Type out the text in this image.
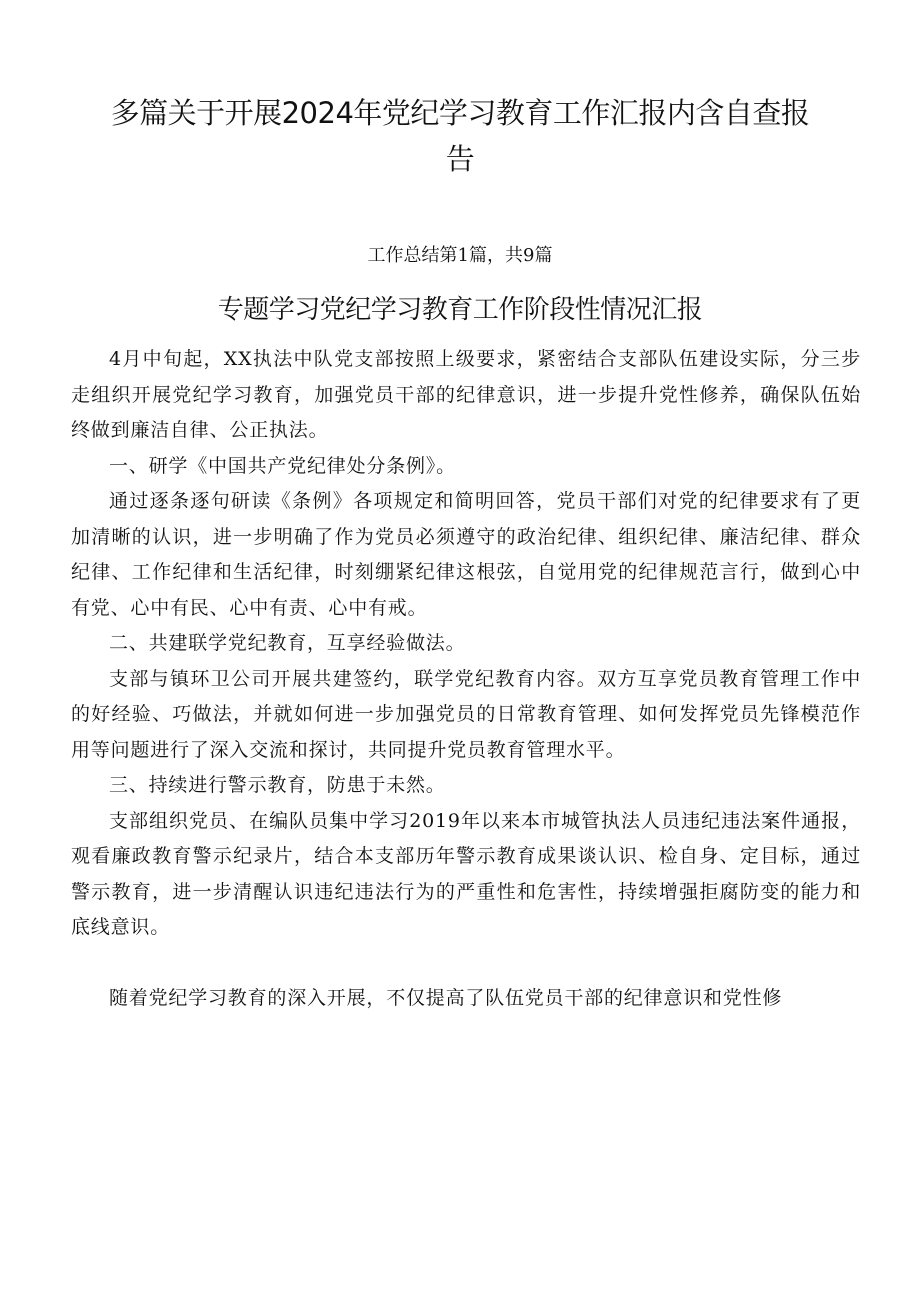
多篇关于开展2024年党纪学习教育工作汇报内含自查报告
工作总结第1篇，共9篇
专题学习党纪学习教育工作阶段性情况汇报

4月中旬起，XX执法中队党支部按照上级要求，紧密结合支部队伍建设实际，分三步走组织开展党纪学习教育，加强党员干部的纪律意识，进一步提升党性修养，确保队伍始终做到廉洁自律、公正执法。

一、研学《中国共产党纪律处分条例》。

通过逐条逐句研读《条例》各项规定和简明回答，党员干部们对党的纪律要求有了更加清晰的认识，进一步明确了作为党员必须遵守的政治纪律、组织纪律、廉洁纪律、群众纪律、工作纪律和生活纪律，时刻绷紧纪律这根弦，自觉用党的纪律规范言行，做到心中有党、心中有民、心中有责、心中有戒。

二、共建联学党纪教育，互享经验做法。

支部与镇环卫公司开展共建签约，联学党纪教育内容。双方互享党员教育管理工作中的好经验、巧做法，并就如何进一步加强党员的日常教育管理、如何发挥党员先锋模范作用等问题进行了深入交流和探讨，共同提升党员教育管理水平。

三、持续进行警示教育，防患于未然。

支部组织党员、在编队员集中学习2019年以来本市城管执法人员违纪违法案件通报，观看廉政教育警示纪录片，结合本支部历年警示教育成果谈认识、检自身、定目标，通过警示教育，进一步清醒认识违纪违法行为的严重性和危害性，持续增强拒腐防变的能力和底线意识。

随着党纪学习教育的深入开展，不仅提高了队伍党员干部的纪律意识和党性修
